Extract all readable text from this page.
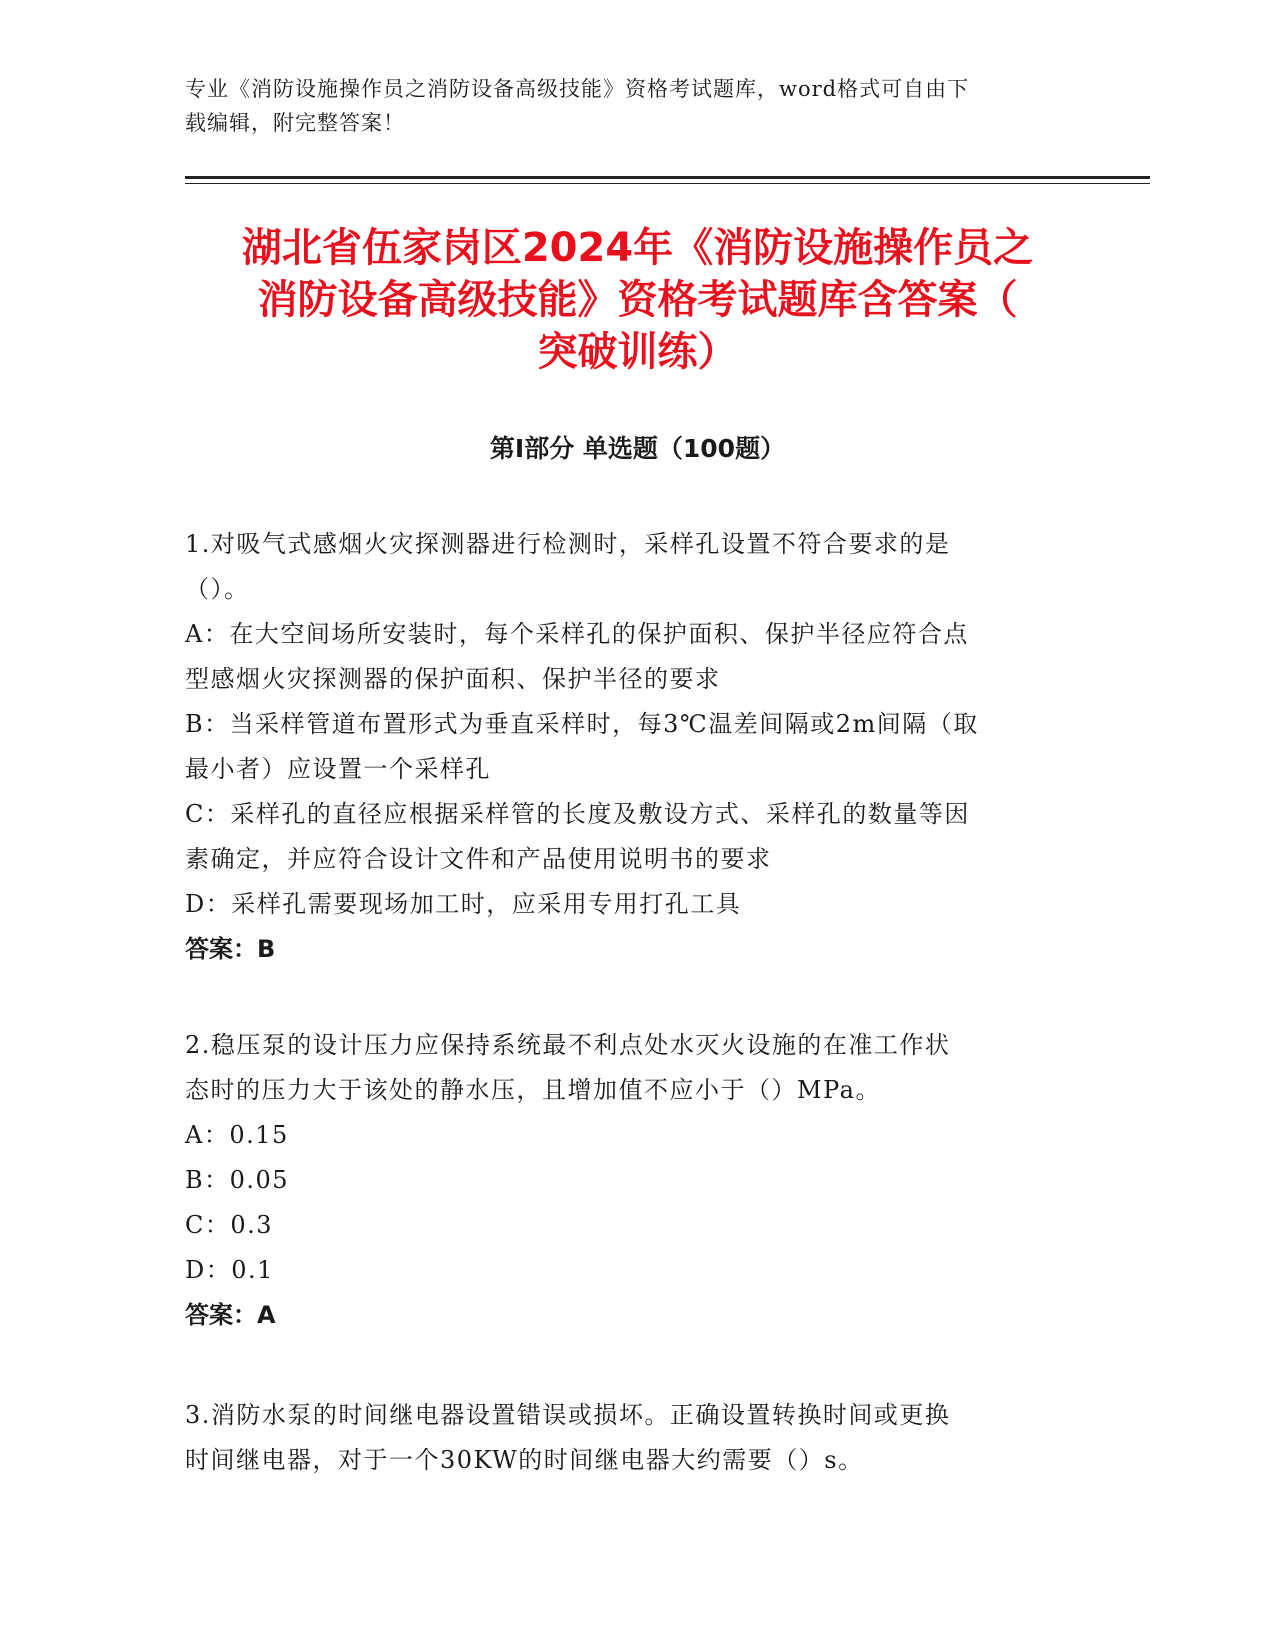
专业《消防设施操作员之消防设备高级技能》资格考试题库，word格式可自由下
载编辑，附完整答案！
湖北省伍家岗区2024年《消防设施操作员之
消防设备高级技能》资格考试题库含答案（
突破训练）
第Ⅰ部分 单选题（100题）
1.对吸气式感烟火灾探测器进行检测时，采样孔设置不符合要求的是
（）。
A：在大空间场所安装时，每个采样孔的保护面积、保护半径应符合点
型感烟火灾探测器的保护面积、保护半径的要求
B：当采样管道布置形式为垂直采样时，每3℃温差间隔或2m间隔（取
最小者）应设置一个采样孔
C：采样孔的直径应根据采样管的长度及敷设方式、采样孔的数量等因
素确定，并应符合设计文件和产品使用说明书的要求
D：采样孔需要现场加工时，应采用专用打孔工具
答案：B
2.稳压泵的设计压力应保持系统最不利点处水灭火设施的在准工作状
态时的压力大于该处的静水压，且增加值不应小于（）MPa。
A：0.15
B：0.05
C：0.3
D：0.1
答案：A
3.消防水泵的时间继电器设置错误或损坏。正确设置转换时间或更换
时间继电器，对于一个30KW的时间继电器大约需要（）s。
